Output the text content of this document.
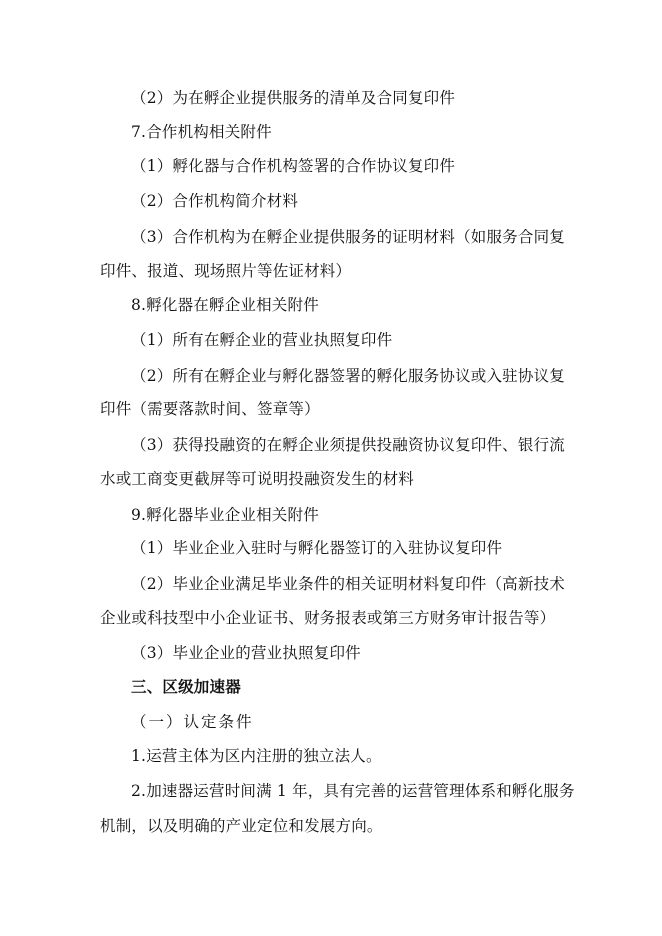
（2）为在孵企业提供服务的清单及合同复印件
7.合作机构相关附件
（1）孵化器与合作机构签署的合作协议复印件
（2）合作机构简介材料
（3）合作机构为在孵企业提供服务的证明材料（如服务合同复
印件、报道、现场照片等佐证材料）
8.孵化器在孵企业相关附件
（1）所有在孵企业的营业执照复印件
（2）所有在孵企业与孵化器签署的孵化服务协议或入驻协议复
印件（需要落款时间、签章等）
（3）获得投融资的在孵企业须提供投融资协议复印件、银行流
水或工商变更截屏等可说明投融资发生的材料
9.孵化器毕业企业相关附件
（1）毕业企业入驻时与孵化器签订的入驻协议复印件
（2）毕业企业满足毕业条件的相关证明材料复印件（高新技术
企业或科技型中小企业证书、财务报表或第三方财务审计报告等）
（3）毕业企业的营业执照复印件
三、区级加速器
（一）认定条件
1.运营主体为区内注册的独立法人。
2.加速器运营时间满 1 年，具有完善的运营管理体系和孵化服务
机制，以及明确的产业定位和发展方向。
